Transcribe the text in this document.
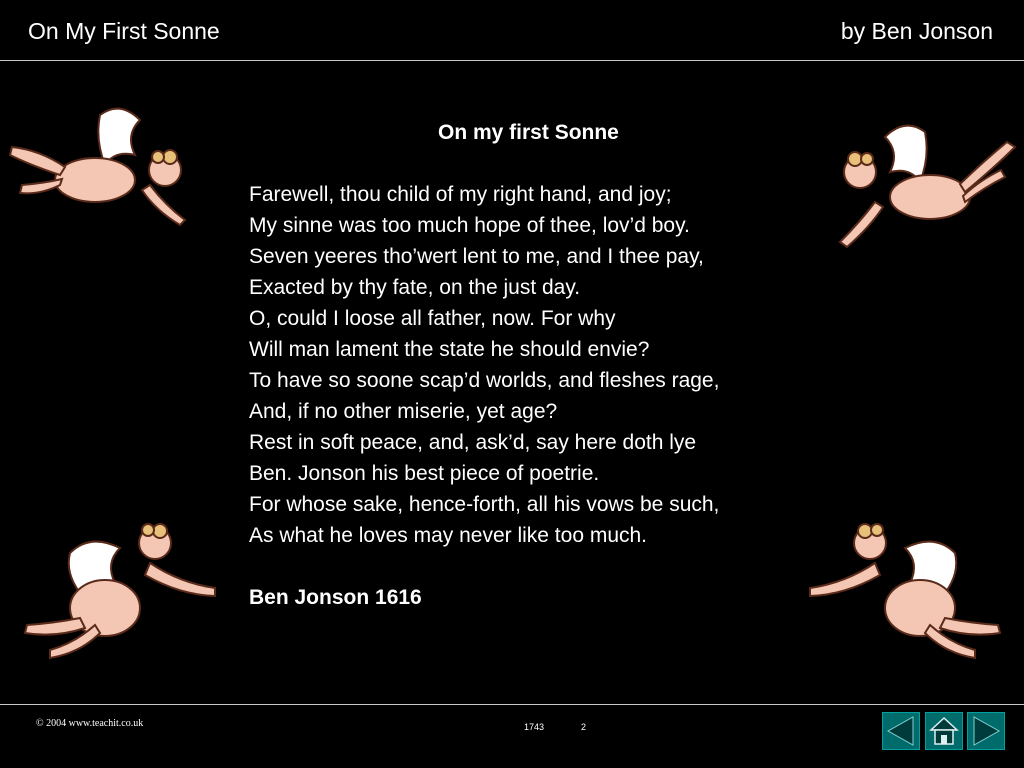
On My First Sonne	by Ben Jonson
On my first Sonne
Farewell, thou child of my right hand, and joy;
My sinne was too much hope of thee, lov’d boy.
Seven yeeres tho’wert lent to me, and I thee pay,
Exacted by thy fate, on the just day.
O, could I loose all father, now. For why
Will man lament the state he should envie?
To have so soone scap’d worlds, and fleshes rage,
And, if no other miserie, yet age?
Rest in soft peace, and, ask’d, say here doth lye
Ben. Jonson his best piece of poetrie.
For whose sake, hence-forth, all his vows be such,
As what he loves may never like too much.
Ben Jonson 1616
© 2004 www.teachit.co.uk	1743	2
